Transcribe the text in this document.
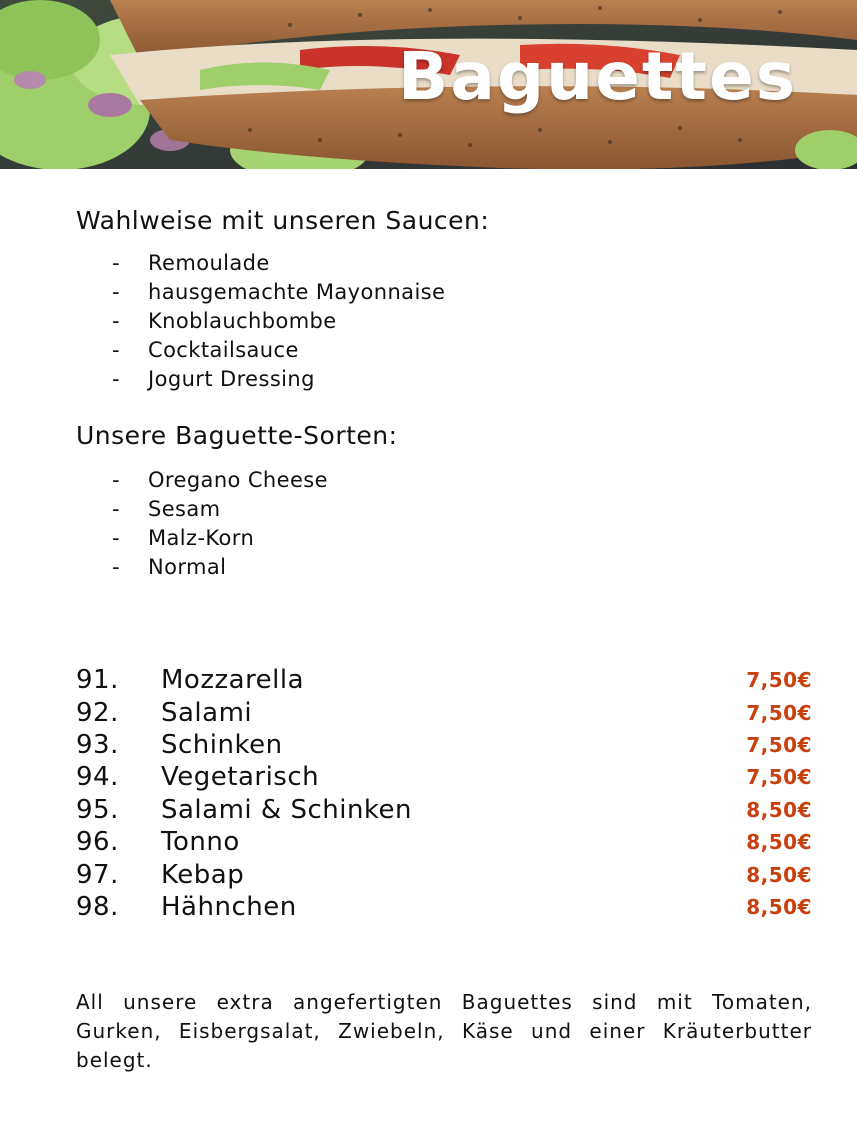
Baguettes
Wahlweise mit unseren Saucen:
-	Remoulade
-	hausgemachte Mayonnaise
-	Knoblauchbombe
-	Cocktailsauce
-	Jogurt Dressing
Unsere Baguette-Sorten:
-	Oregano Cheese
-	Sesam
-	Malz-Korn
-	Normal
91.	Mozzarella	7,50€
92.	Salami	7,50€
93.	Schinken	7,50€
94.	Vegetarisch	7,50€
95.	Salami & Schinken	8,50€
96.	Tonno	8,50€
97.	Kebap	8,50€
98.	Hähnchen	8,50€
All unsere extra angefertigten Baguettes sind mit Tomaten, Gurken, Eisbergsalat, Zwiebeln, Käse und einer Kräuterbutter belegt.
